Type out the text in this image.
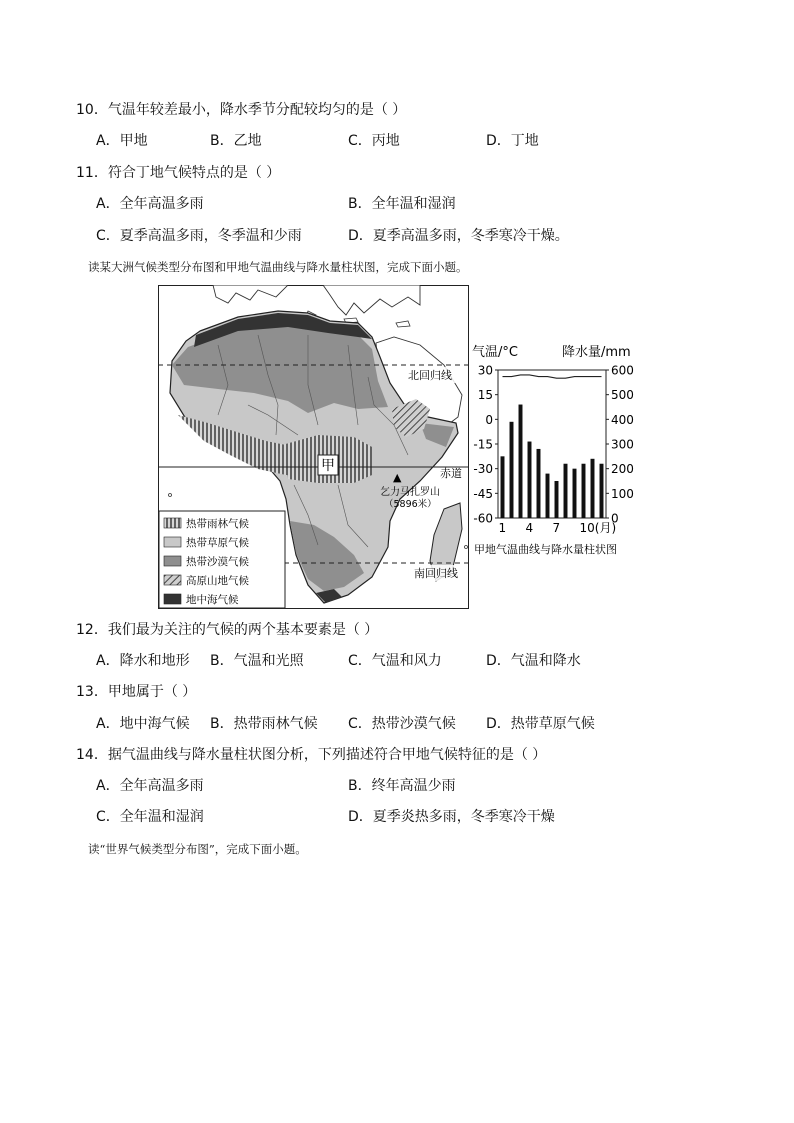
10．气温年较差最小，降水季节分配较均匀的是（ ）
A．甲地	B．乙地	C．丙地	D．丁地
11．符合丁地气候特点的是（ ）
A．全年高温多雨	B．全年温和湿润
C．夏季高温多雨，冬季温和少雨	D．夏季高温多雨，冬季寒冷干燥。
读某大洲气候类型分布图和甲地气温曲线与降水量柱状图，完成下面小题。
北回归线
赤道
南回归线
甲
▲
乞力马扎罗山
（5896米）
热带雨林气候
热带草原气候
热带沙漠气候
高原山地气候
地中海气候
气温/°C	降水量/mm
30
15
0
-15
-30
-45
-60
600
500
400
300
200
100
0
1 4 7 10(月)
甲地气温曲线与降水量柱状图
12．我们最为关注的气候的两个基本要素是（ ）
A．降水和地形 B．气温和光照	C．气温和风力	D．气温和降水
13．甲地属于（ ）
A．地中海气候 B．热带雨林气候 C．热带沙漠气候 D．热带草原气候
14．据气温曲线与降水量柱状图分析，下列描述符合甲地气候特征的是（ ）
A．全年高温多雨	B．终年高温少雨
C．全年温和湿润	D．夏季炎热多雨，冬季寒冷干燥
读“世界气候类型分布图”，完成下面小题。
